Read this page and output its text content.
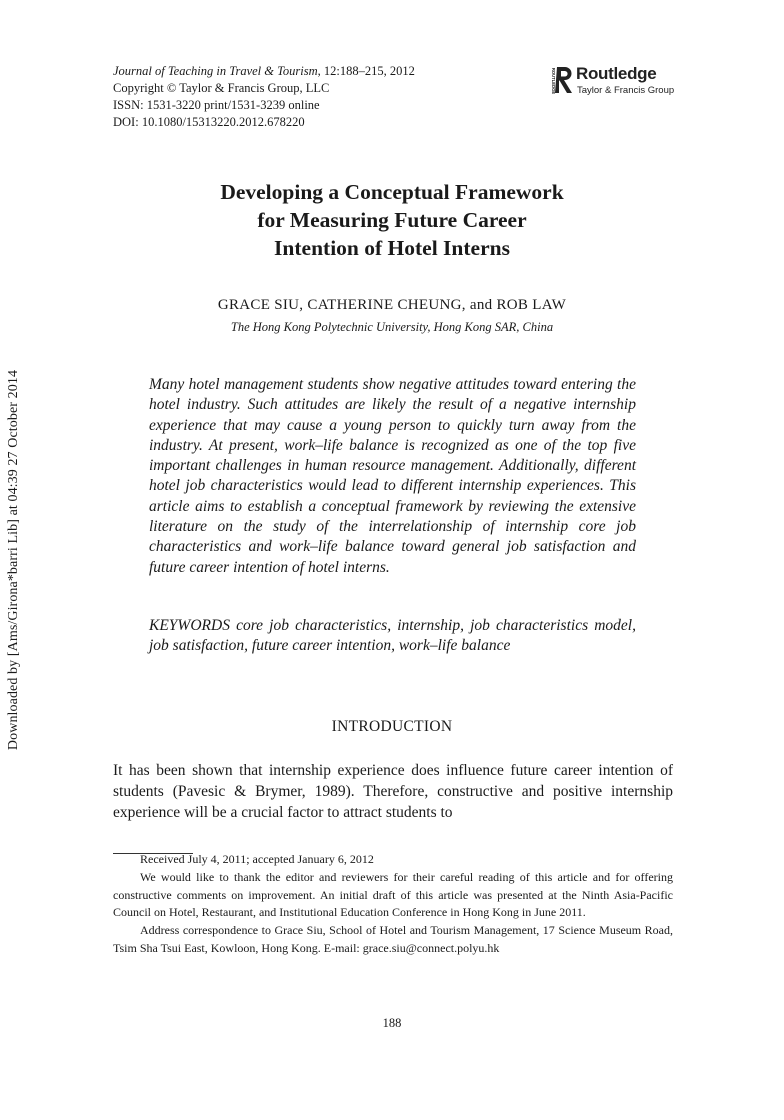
Downloaded by [Ams/Girona*barri Lib] at 04:39 27 October 2014
Journal of Teaching in Travel & Tourism, 12:188–215, 2012
Copyright © Taylor & Francis Group, LLC
ISSN: 1531-3220 print/1531-3239 online
DOI: 10.1080/15313220.2012.678220
ROUTLEDGE Routledge
Taylor & Francis Group
Developing a Conceptual Framework
for Measuring Future Career
Intention of Hotel Interns
GRACE SIU, CATHERINE CHEUNG, and ROB LAW
The Hong Kong Polytechnic University, Hong Kong SAR, China
Many hotel management students show negative attitudes toward entering the hotel industry. Such attitudes are likely the result of a negative internship experience that may cause a young person to quickly turn away from the industry. At present, work–life balance is recognized as one of the top five important challenges in human resource management. Additionally, different hotel job characteristics would lead to different internship experiences. This article aims to establish a conceptual framework by reviewing the extensive literature on the study of the interrelationship of internship core job characteristics and work–life balance toward general job satisfaction and future career intention of hotel interns.
KEYWORDS core job characteristics, internship, job characteristics model, job satisfaction, future career intention, work–life balance
INTRODUCTION
It has been shown that internship experience does influence future career intention of students (Pavesic & Brymer, 1989). Therefore, constructive and positive internship experience will be a crucial factor to attract students to

Received July 4, 2011; accepted January 6, 2012

We would like to thank the editor and reviewers for their careful reading of this article and for offering constructive comments on improvement. An initial draft of this article was presented at the Ninth Asia-Pacific Council on Hotel, Restaurant, and Institutional Education Conference in Hong Kong in June 2011.

Address correspondence to Grace Siu, School of Hotel and Tourism Management, 17 Science Museum Road, Tsim Sha Tsui East, Kowloon, Hong Kong. E-mail: grace.siu@connect.polyu.hk

188
